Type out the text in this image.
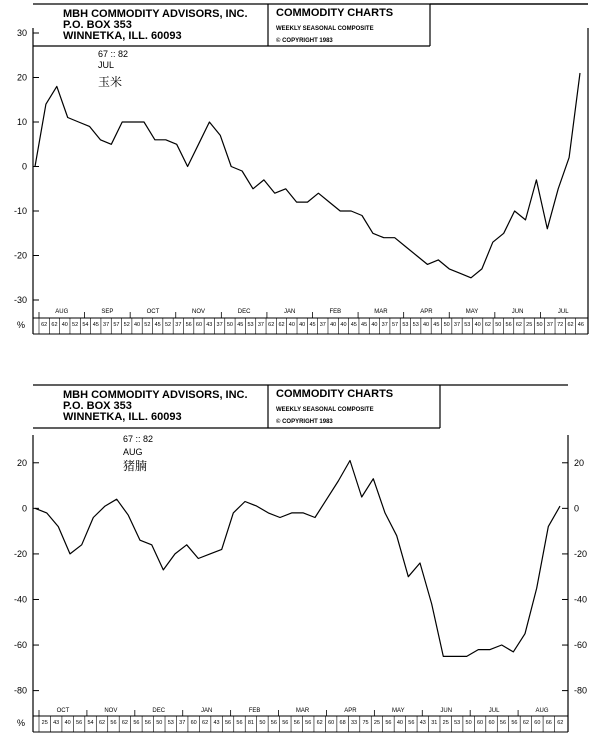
MBH COMMODITY ADVISORS, INC.
P.O. BOX 353
WINNETKA, ILL. 60093
COMMODITY CHARTS
WEEKLY SEASONAL COMPOSITE
© COPYRIGHT 1983
67 :: 82
JUL
玉米
30
20
10
0
-10
-20
-30
AUG	SEP	OCT	NOV	DEC	JAN	FEB	MAR	APR	MAY	JUN	JUL
62 62 40 52 54 45 37 57 52 40 52 45 52 37 56 60 43 37 50 45 53 37 62 62 40 40 45 37 40 40 45 45 40 37 57 53 53 40 45 50 37 53 40 62 50 56 62 25 50 37 72 62 46
%
MBH COMMODITY ADVISORS, INC.
P.O. BOX 353
WINNETKA, ILL. 60093
COMMODITY CHARTS
WEEKLY SEASONAL COMPOSITE
© COPYRIGHT 1983
67 :: 82
AUG
猪腩
20	20
0	0
-20	-20
-40	-40
-60	-60
-80	-80
OCT	NOV	DEC	JAN	FEB	MAR	APR	MAY	JUN	JUL	AUG
25 43 40 56 54 62 56 62 56 56 50 53 37 60 62 43 56 56 81 50 56 56 56 56 62 60 68 33 75 25 56 40 56 43 31 25 53 50 60 60 56 56 62 60 66 62
%
